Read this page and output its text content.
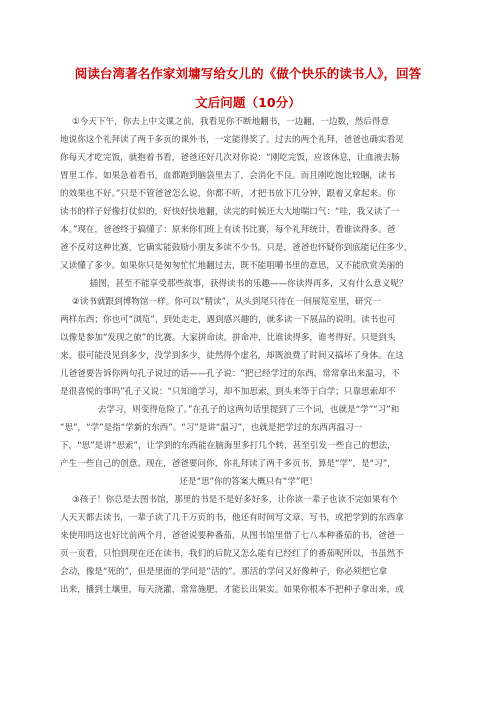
阅读台湾著名作家刘墉写给女儿的《做个快乐的读书人》，回答
文后问题（10分）
①今天下午，你去上中文课之前，我看见你不断地翻书，一边翻，一边数，然后得意
地说你这个礼拜读了两千多页的课外书，一定能得奖了。过去的两个礼拜，爸爸也确实看见
你每天才吃完饭，就抱着书看，爸爸还好几次对你说：“刚吃完饭，应该休息，让血液去肠
胃里工作。如果急着看书，血都跑到脑袋里去了，会消化不良。而且刚吃饱比较睏，读书
的效果也不好。”只是不管爸爸怎么说，你都不听，才把书放下几分钟，跟着又拿起来。你
读书的样子好像打仗似的，好快好快地翻，读完的时候还大大地喘口气：“哇，我又读了一
本。”现在，爸爸终于搞懂了：原来你们班上有读书比赛，每个礼拜统计，看谁读得多。爸
爸不反对这种比赛，它确实能鼓励小朋友多读不少书。只是，爸爸也怀疑你到底能记住多少，
又读懂了多少。如果你只是匆匆忙忙地翻过去，既不能咀嚼书里的意思，又不能欣赏美丽的
插图，甚至不能享受那些故事，获得读书的乐趣——你读得再多，又有什么意义呢？
②读书就跟到博物馆一样。你可以“精读”，从头到尾只待在一间展览室里，研究一
两样东西；你也可“浏览”，到处走走，遇到感兴趣的，就多读一下展品的说明。读书也可
以像是参加“发现之旅”的比赛。大家拼命读，拼命冲，比谁读得多，谁考得好。只是到头
来，很可能没见到多少，没学到多少，徒然得个虚名，却既浪费了时间又搞坏了身体。在这
儿爸爸要告诉你两句孔子说过的话——孔子说：“把已经学过的东西，常常拿出来温习，不
是很喜悦的事吗”孔子又说：“只知道学习，却不加思索，到头来等于白学；只靠思索却不
去学习，则变得危险了。”在孔子的这两句话里提到了三个词，也就是“学”“习”和
“思”，“学”是指“学新的东西”。“习”是讲“温习”，也就是把学过的东西再温习一
下，“思”是讲“思索”，让学到的东西能在脑海里多打几个转，甚至引发一些自己的想法，
产生一些自己的创意。现在，爸爸要问你，你礼拜读了两千多页书，算是“学”，是“习”，
还是“思”你的答案大概只有“学”吧！
③孩子！你总是去图书馆，那里的书是不是好多好多，让你读一辈子也读不完如果有个
人天天都去读书，一辈子读了几千万页的书，他还有时间写文章、写书，或把学到的东西拿
来使用吗这也好比前两个月，爸爸说要种番茄，从图书馆里借了七八本种番茄的书，爸爸一
页一页看，只怕到现在还在读书，我们的后院又怎么能有已经红了的番茄呢所以，书虽然不
会动，像是“死的”，但是里面的学问是“活的”。那活的学问又好像种子，你必须把它拿
出来，播到土壤里，每天浇灌，常常施肥，才能长出果实。如果你根本不把种子拿出来，或
